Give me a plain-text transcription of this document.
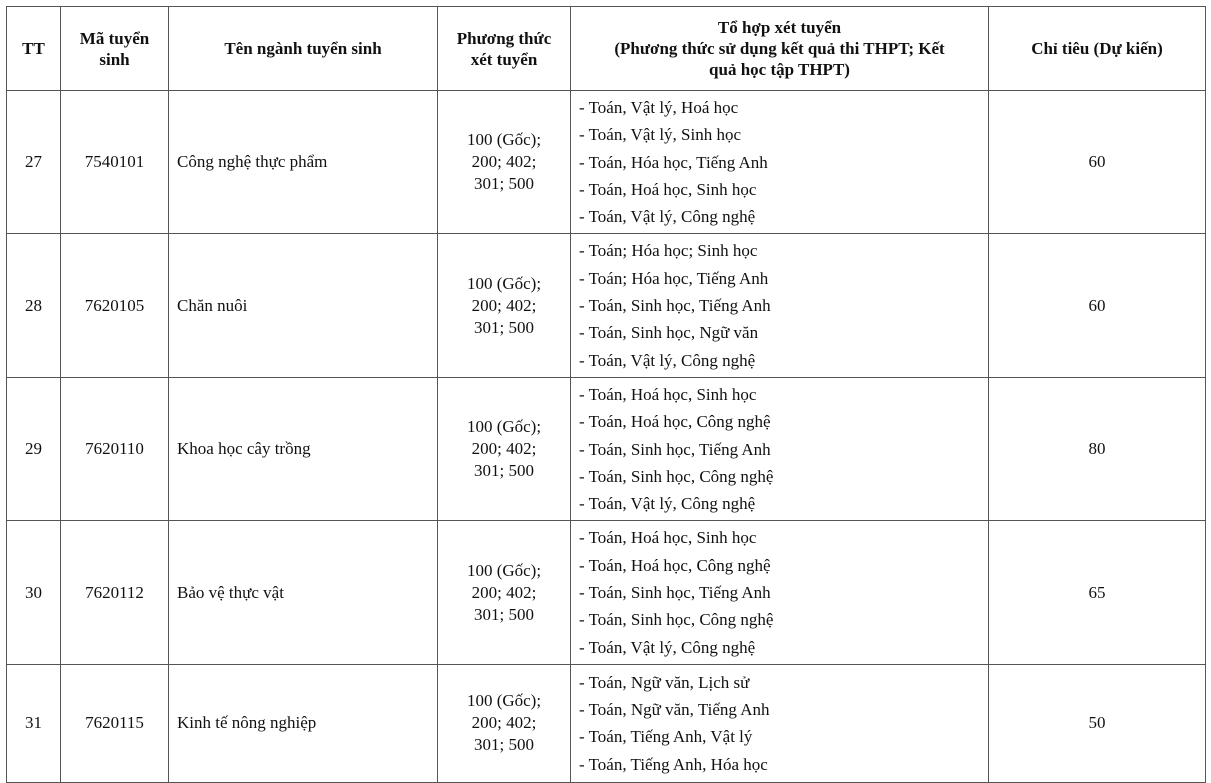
TT	Mã tuyển
sinh	Tên ngành tuyển sinh	Phương thức
xét tuyển	Tổ hợp xét tuyển
(Phương thức sử dụng kết quả thi THPT; Kết
quả học tập THPT)	Chỉ tiêu (Dự kiến)
27	7540101	Công nghệ thực phẩm	100 (Gốc);
200; 402;
301; 500	- Toán, Vật lý, Hoá học
- Toán, Vật lý, Sinh học
- Toán, Hóa học, Tiếng Anh
- Toán, Hoá học, Sinh học
- Toán, Vật lý, Công nghệ	60
28	7620105	Chăn nuôi	100 (Gốc);
200; 402;
301; 500	- Toán; Hóa học; Sinh học
- Toán; Hóa học, Tiếng Anh
- Toán, Sinh học, Tiếng Anh
- Toán, Sinh học, Ngữ văn
- Toán, Vật lý, Công nghệ	60
29	7620110	Khoa học cây trồng	100 (Gốc);
200; 402;
301; 500	- Toán, Hoá học, Sinh học
- Toán, Hoá học, Công nghệ
- Toán, Sinh học, Tiếng Anh
- Toán, Sinh học, Công nghệ
- Toán, Vật lý, Công nghệ	80
30	7620112	Bảo vệ thực vật	100 (Gốc);
200; 402;
301; 500	- Toán, Hoá học, Sinh học
- Toán, Hoá học, Công nghệ
- Toán, Sinh học, Tiếng Anh
- Toán, Sinh học, Công nghệ
- Toán, Vật lý, Công nghệ	65
31	7620115	Kinh tế nông nghiệp	100 (Gốc);
200; 402;
301; 500	- Toán, Ngữ văn, Lịch sử
- Toán, Ngữ văn, Tiếng Anh
- Toán, Tiếng Anh, Vật lý
- Toán, Tiếng Anh, Hóa học	50
